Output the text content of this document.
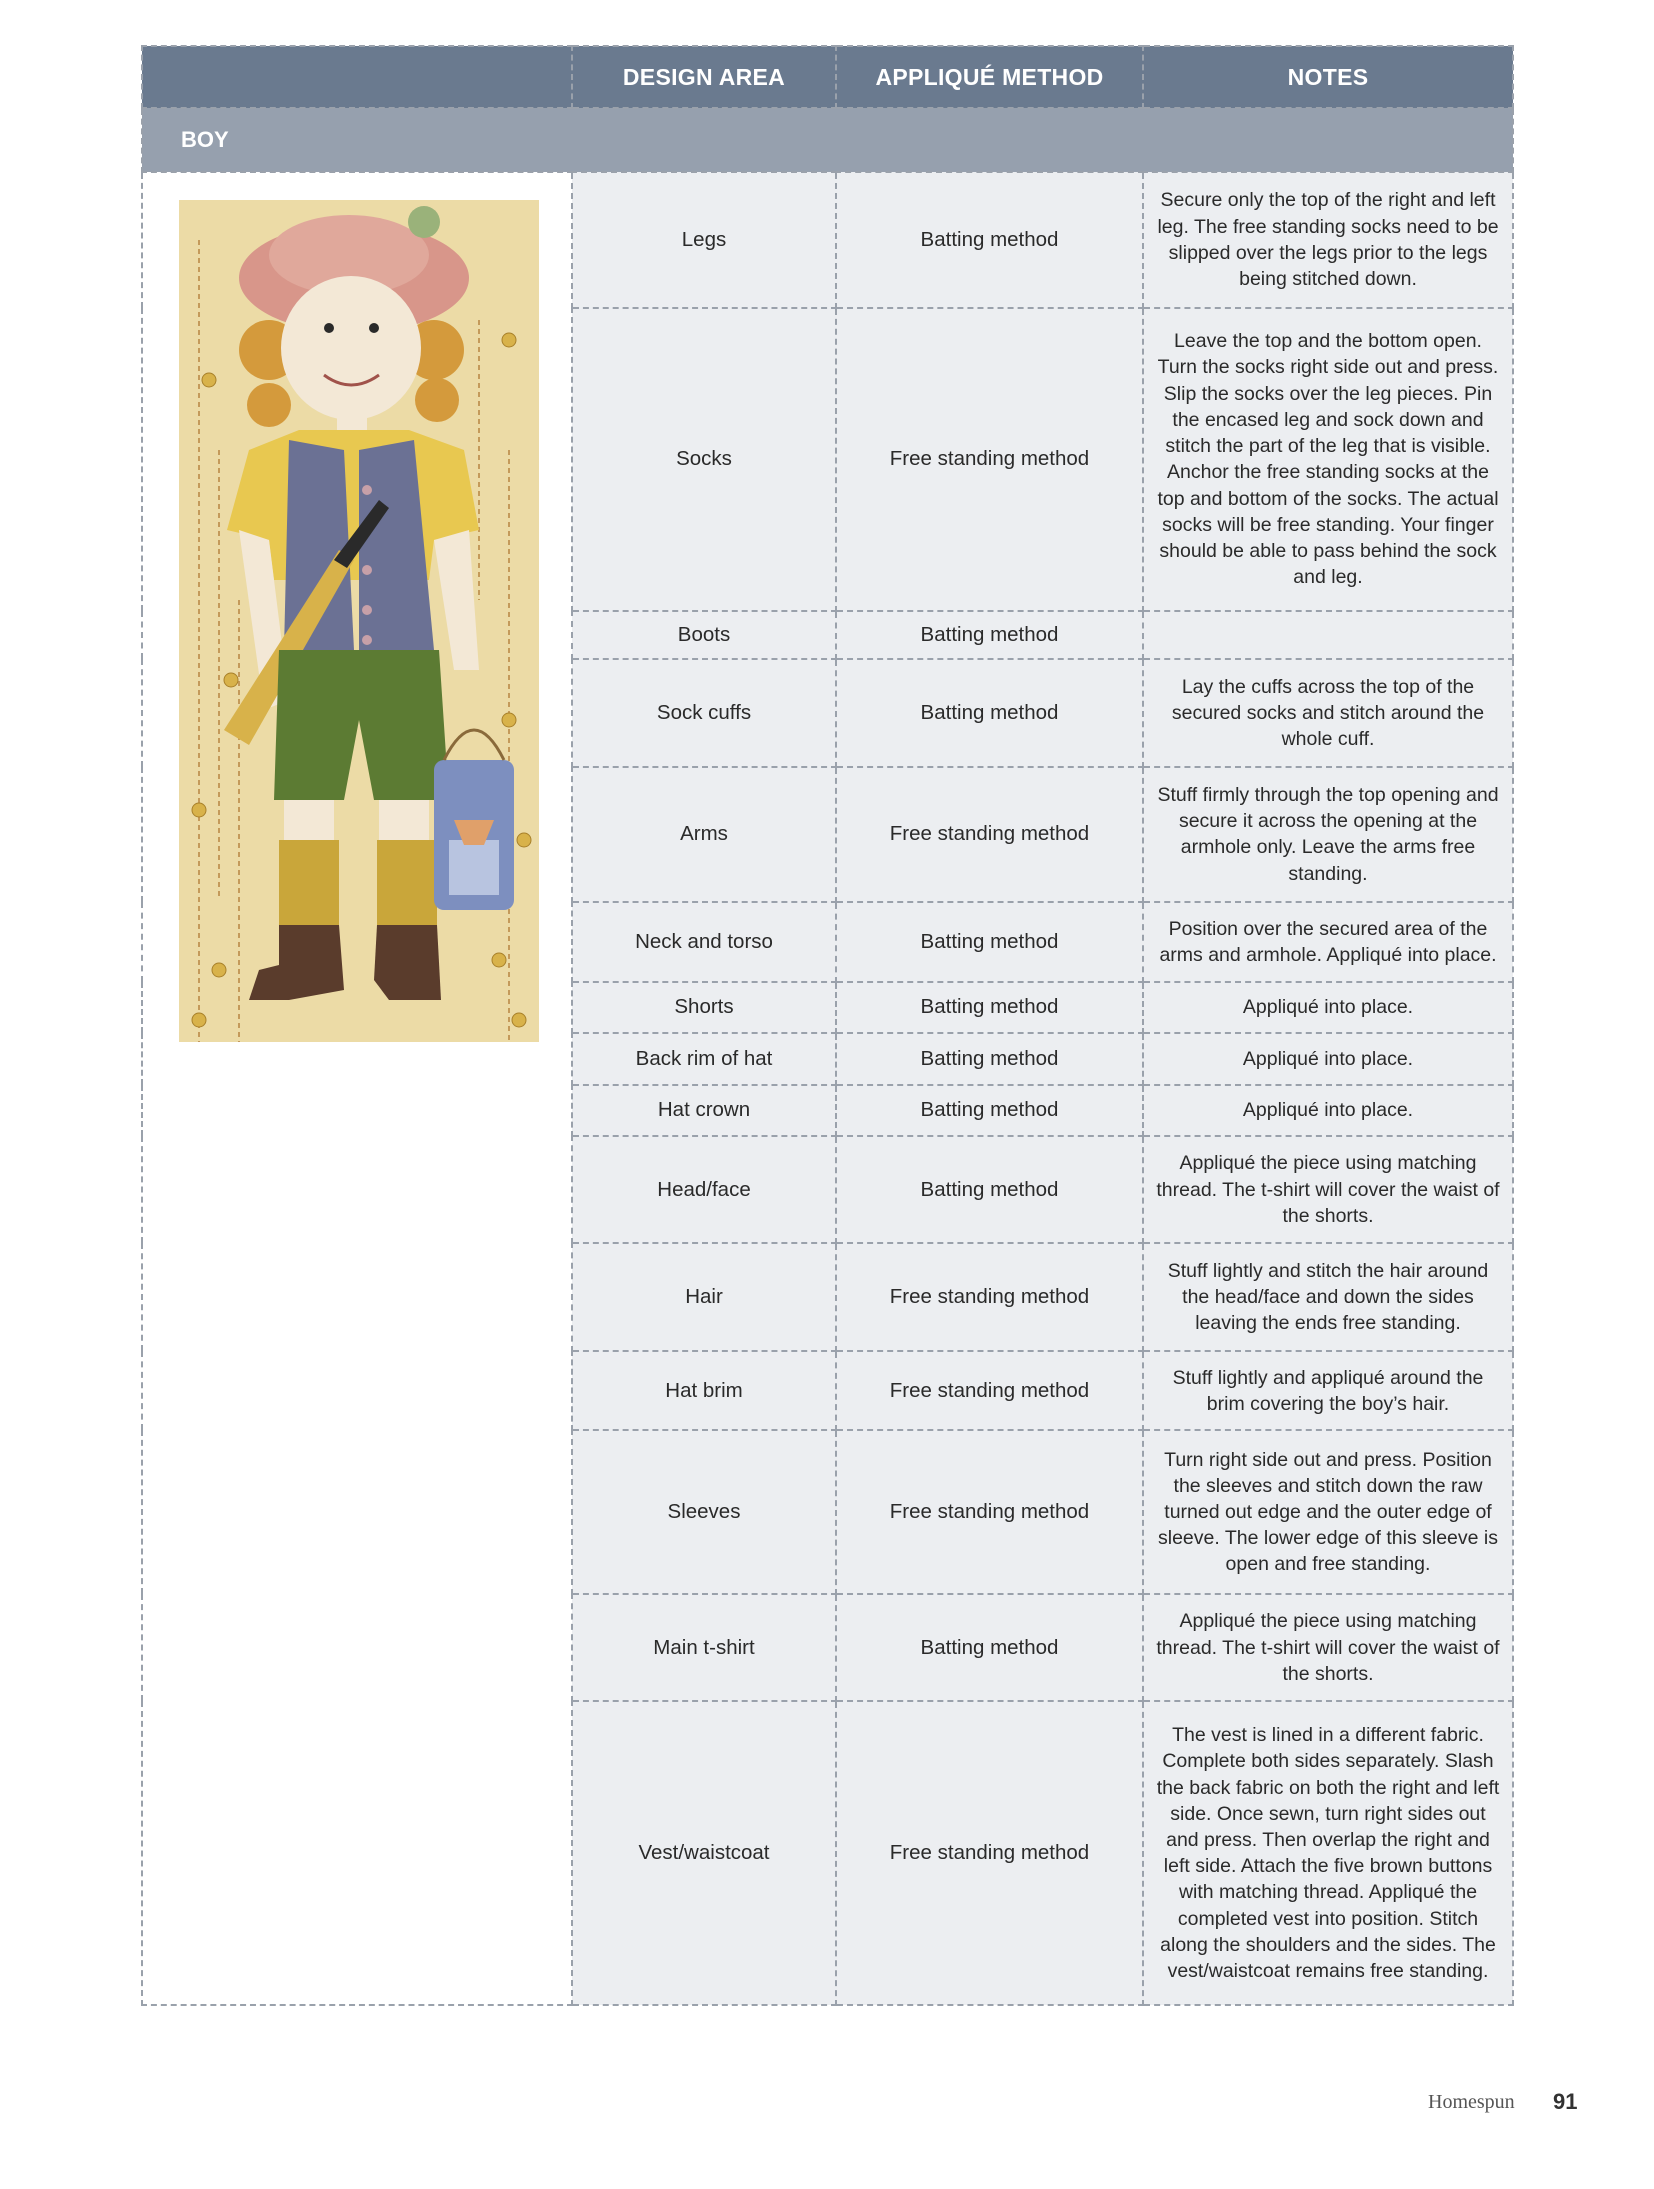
	DESIGN AREA	APPLIQUÉ METHOD	NOTES
BOY			

	Legs	Batting method	Secure only the top of the right and left leg. The free standing socks need to be slipped over the legs prior to the legs being stitched down.
	Socks	Free standing method	Leave the top and the bottom open. Turn the socks right side out and press. Slip the socks over the leg pieces. Pin the encased leg and sock down and stitch the part of the leg that is visible. Anchor the free standing socks at the top and bottom of the socks. The actual socks will be free standing. Your finger should be able to pass behind the sock and leg.
	Boots	Batting method	
	Sock cuffs	Batting method	Lay the cuffs across the top of the secured socks and stitch around the whole cuff.
	Arms	Free standing method	Stuff firmly through the top opening and secure it across the opening at the armhole only. Leave the arms free standing.
	Neck and torso	Batting method	Position over the secured area of the arms and armhole. Appliqué into place.
	Shorts	Batting method	Appliqué into place.
	Back rim of hat	Batting method	Appliqué into place.
	Hat crown	Batting method	Appliqué into place.
	Head/face	Batting method	Appliqué the piece using matching thread. The t-shirt will cover the waist of the shorts.
	Hair	Free standing method	Stuff lightly and stitch the hair around the head/face and down the sides leaving the ends free standing.
	Hat brim	Free standing method	Stuff lightly and appliqué around the brim covering the boy’s hair.
	Sleeves	Free standing method	Turn right side out and press. Position the sleeves and stitch down the raw turned out edge and the outer edge of sleeve. The lower edge of this sleeve is open and free standing.
	Main t-shirt	Batting method	Appliqué the piece using matching thread. The t-shirt will cover the waist of the shorts.
	Vest/waistcoat	Free standing method	The vest is lined in a different fabric. Complete both sides separately. Slash the back fabric on both the right and left side. Once sewn, turn right sides out and press. Then overlap the right and left side. Attach the five brown buttons with matching thread. Appliqué the completed vest into position. Stitch along the shoulders and the sides. The vest/waistcoat remains free standing.
Homespun 91
